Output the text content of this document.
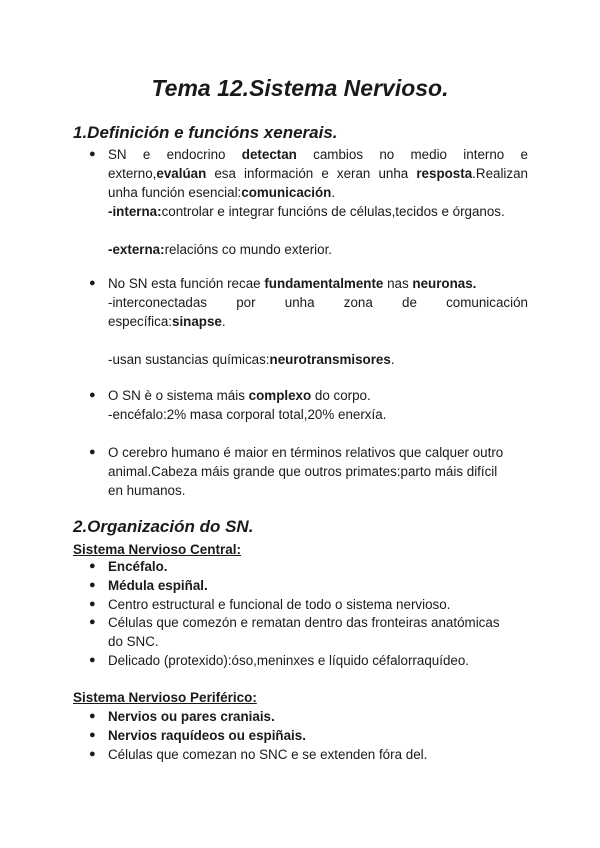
Tema 12.Sistema Nervioso.
1.Definición e funcións xenerais.
● SN e endocrino detectan cambios no medio interno e
externo,evalúan esa información e xeran unha resposta.Realizan
unha función esencial:comunicación.
-interna:controlar e integrar funcións de células,tecidos e órganos.
-externa:relacións co mundo exterior.
● No SN esta función recae fundamentalmente nas neuronas.
-interconectadas por unha zona de comunicación
específica:sinapse.
-usan sustancias químicas:neurotransmisores.
● O SN è o sistema máis complexo do corpo.
-encéfalo:2% masa corporal total,20% enerxía.
● O cerebro humano é maior en términos relativos que calquer outro
animal.Cabeza máis grande que outros primates:parto máis difícil
en humanos.
2.Organización do SN.
Sistema Nervioso Central:
● Encéfalo.
● Médula espiñal.
● Centro estructural e funcional de todo o sistema nervioso.
● Células que comezón e rematan dentro das fronteiras anatómicas
do SNC.
● Delicado (protexido):óso,meninxes e líquido céfalorraquídeo.
Sistema Nervioso Periférico:
● Nervios ou pares craniais.
● Nervios raquídeos ou espiñais.
● Células que comezan no SNC e se extenden fóra del.
